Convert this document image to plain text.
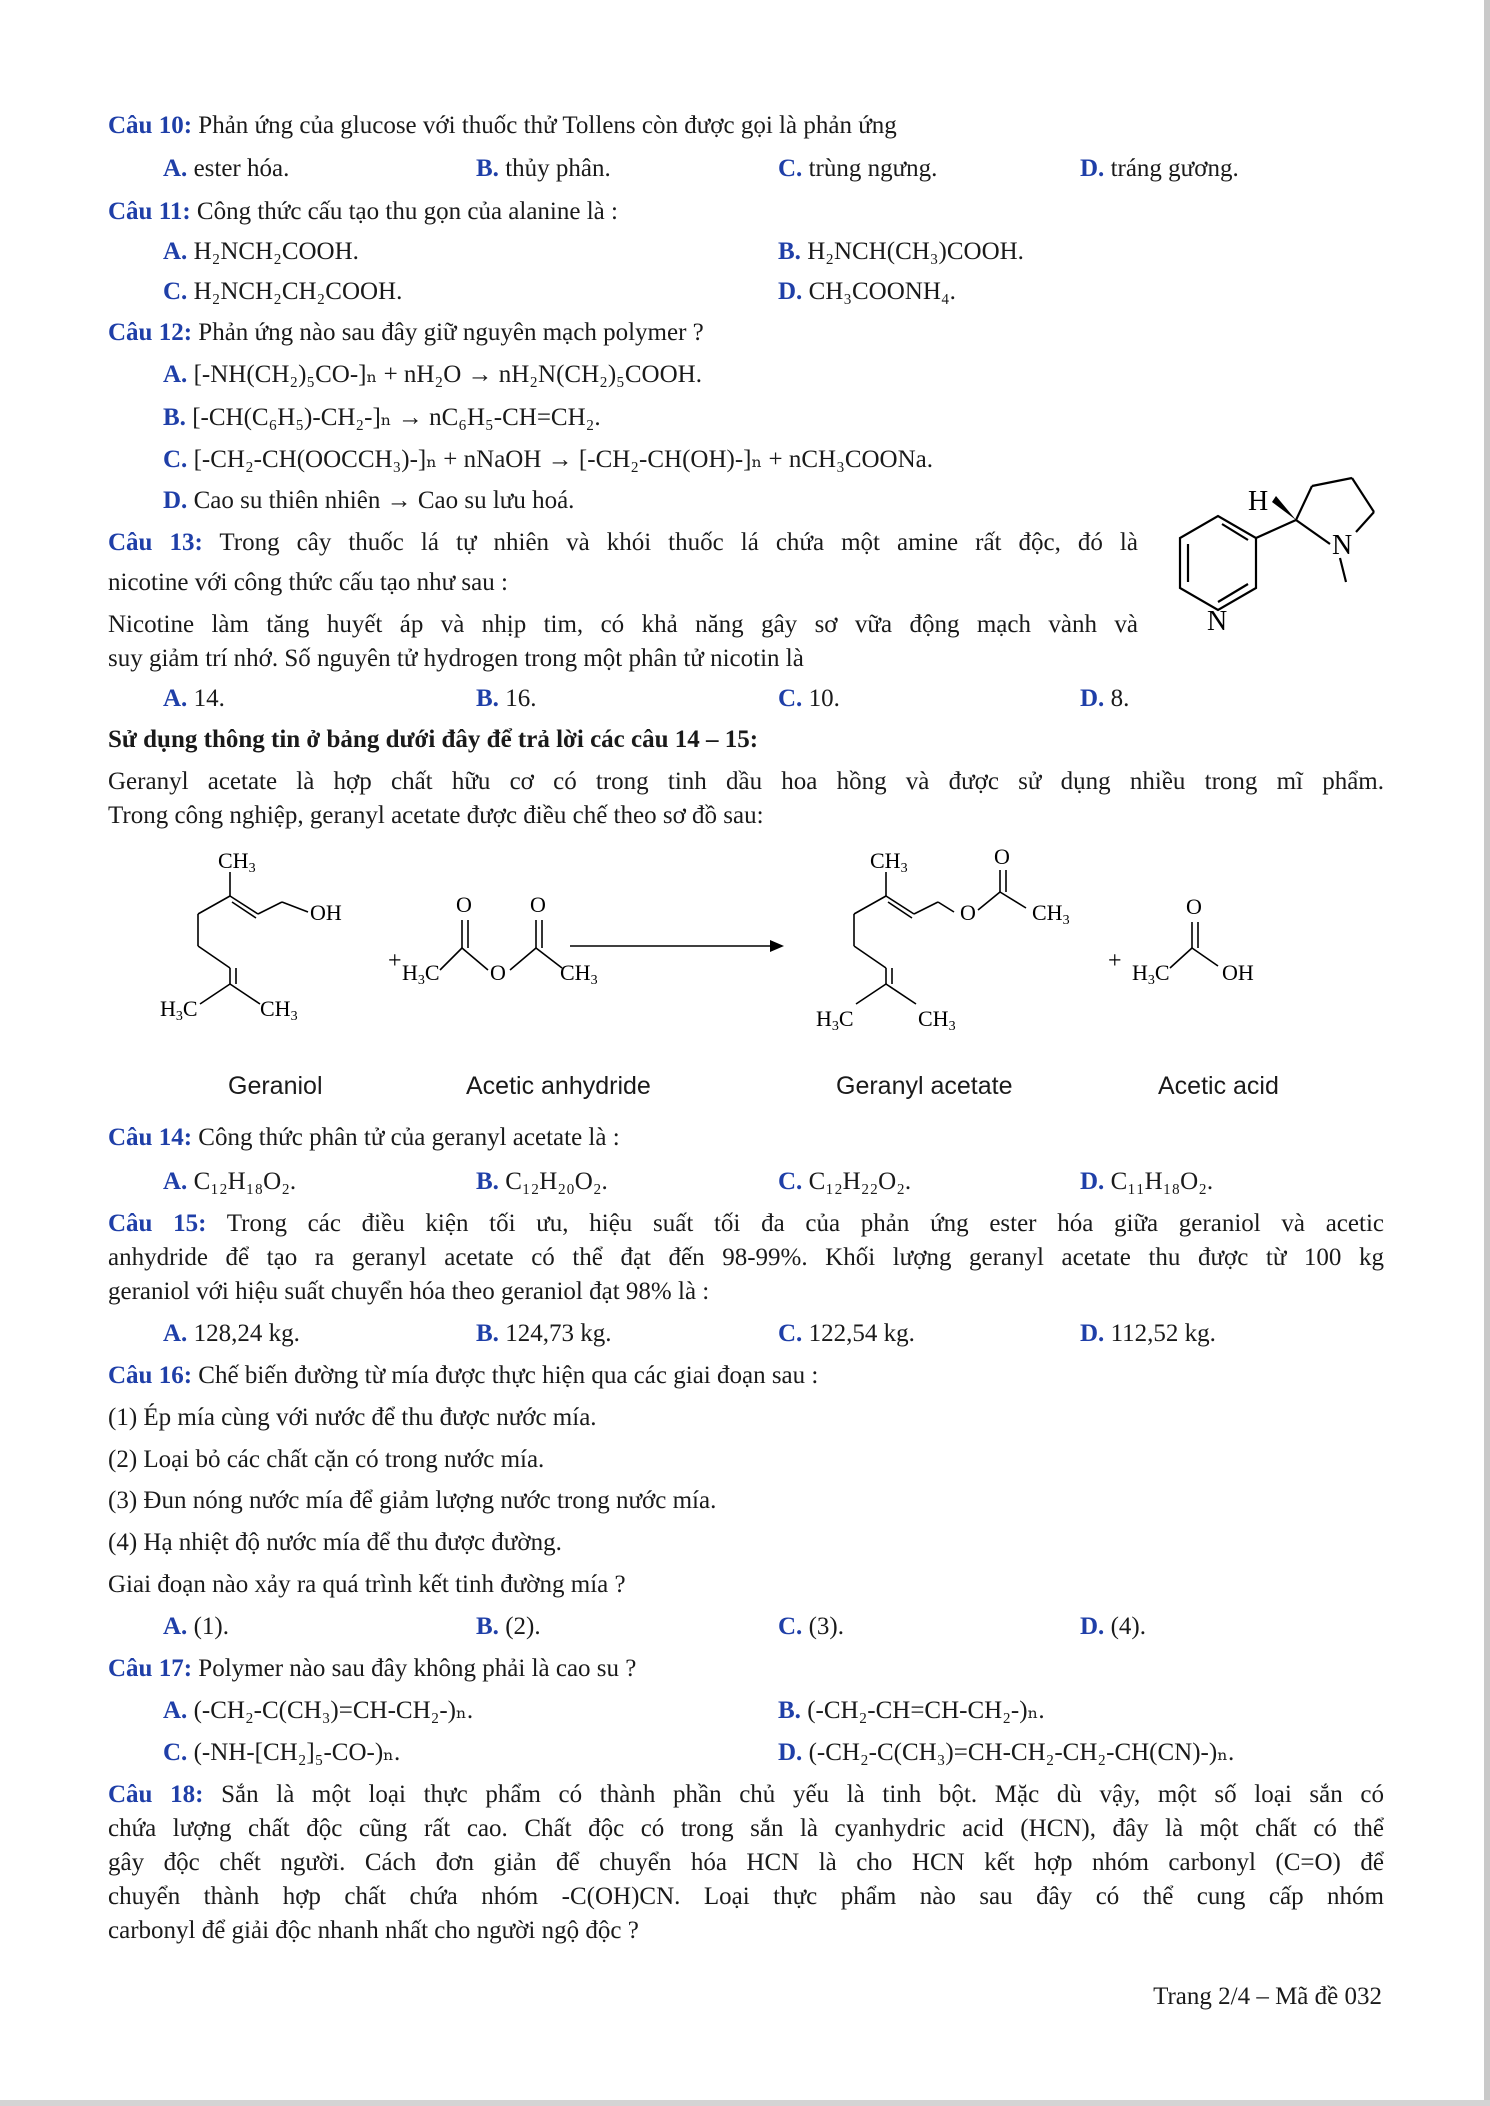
Câu 10: Phản ứng của glucose với thuốc thử Tollens còn được gọi là phản ứng
A. ester hóa.	B. thủy phân.	C. trùng ngưng.	D. tráng gương.
Câu 11: Công thức cấu tạo thu gọn của alanine là :
A. H₂NCH₂COOH.	B. H₂NCH(CH₃)COOH.
C. H₂NCH₂CH₂COOH.	D. CH₃COONH₄.
Câu 12: Phản ứng nào sau đây giữ nguyên mạch polymer ?
A. [-NH(CH₂)₅CO-]ₙ + nH₂O → nH₂N(CH₂)₅COOH.
B. [-CH(C₆H₅)-CH₂-]ₙ → nC₆H₅-CH=CH₂.
C. [-CH₂-CH(OOCCH₃)-]ₙ + nNaOH → [-CH₂-CH(OH)-]ₙ + nCH₃COONa.
D. Cao su thiên nhiên → Cao su lưu hoá.
Câu 13: Trong cây thuốc lá tự nhiên và khói thuốc lá chứa một amine rất độc, đó là
nicotine với công thức cấu tạo như sau :
Nicotine làm tăng huyết áp và nhịp tim, có khả năng gây sơ vữa động mạch vành và
suy giảm trí nhớ. Số nguyên tử hydrogen trong một phân tử nicotin là
A. 14.	B. 16.	C. 10.	D. 8.
H
N
N
Sử dụng thông tin ở bảng dưới đây để trả lời các câu 14 – 15:
Geranyl acetate là hợp chất hữu cơ có trong tinh dầu hoa hồng và được sử dụng nhiều trong mĩ phẩm.
Trong công nghiệp, geranyl acetate được điều chế theo sơ đồ sau:
CH3
OH
H3C	CH3
+
O	O
H3C O CH3
CH3
O
O
CH3
H3C	CH3
+
O
H3C OH
Geraniol	Acetic anhydride	Geranyl acetate	Acetic acid
Câu 14: Công thức phân tử của geranyl acetate là :
A. C₁₂H₁₈O₂.	B. C₁₂H₂₀O₂.	C. C₁₂H₂₂O₂.	D. C₁₁H₁₈O₂.
Câu 15: Trong các điều kiện tối ưu, hiệu suất tối đa của phản ứng ester hóa giữa geraniol và acetic
anhydride để tạo ra geranyl acetate có thể đạt đến 98-99%. Khối lượng geranyl acetate thu được từ 100 kg
geraniol với hiệu suất chuyển hóa theo geraniol đạt 98% là :
A. 128,24 kg.	B. 124,73 kg.	C. 122,54 kg.	D. 112,52 kg.
Câu 16: Chế biến đường từ mía được thực hiện qua các giai đoạn sau :
(1) Ép mía cùng với nước để thu được nước mía.
(2) Loại bỏ các chất cặn có trong nước mía.
(3) Đun nóng nước mía để giảm lượng nước trong nước mía.
(4) Hạ nhiệt độ nước mía để thu được đường.
Giai đoạn nào xảy ra quá trình kết tinh đường mía ?
A. (1).	B. (2).	C. (3).	D. (4).
Câu 17: Polymer nào sau đây không phải là cao su ?
A. (-CH₂-C(CH₃)=CH-CH₂-)ₙ.	B. (-CH₂-CH=CH-CH₂-)ₙ.
C. (-NH-[CH₂]₅-CO-)ₙ.	D. (-CH₂-C(CH₃)=CH-CH₂-CH₂-CH(CN)-)ₙ.
Câu 18: Sắn là một loại thực phẩm có thành phần chủ yếu là tinh bột. Mặc dù vậy, một số loại sắn có
chứa lượng chất độc cũng rất cao. Chất độc có trong sắn là cyanhydric acid (HCN), đây là một chất có thể
gây độc chết người. Cách đơn giản để chuyển hóa HCN là cho HCN kết hợp nhóm carbonyl (C=O) để
chuyển thành hợp chất chứa nhóm -C(OH)CN. Loại thực phẩm nào sau đây có thể cung cấp nhóm
carbonyl để giải độc nhanh nhất cho người ngộ độc ?
Trang 2/4 – Mã đề 032
